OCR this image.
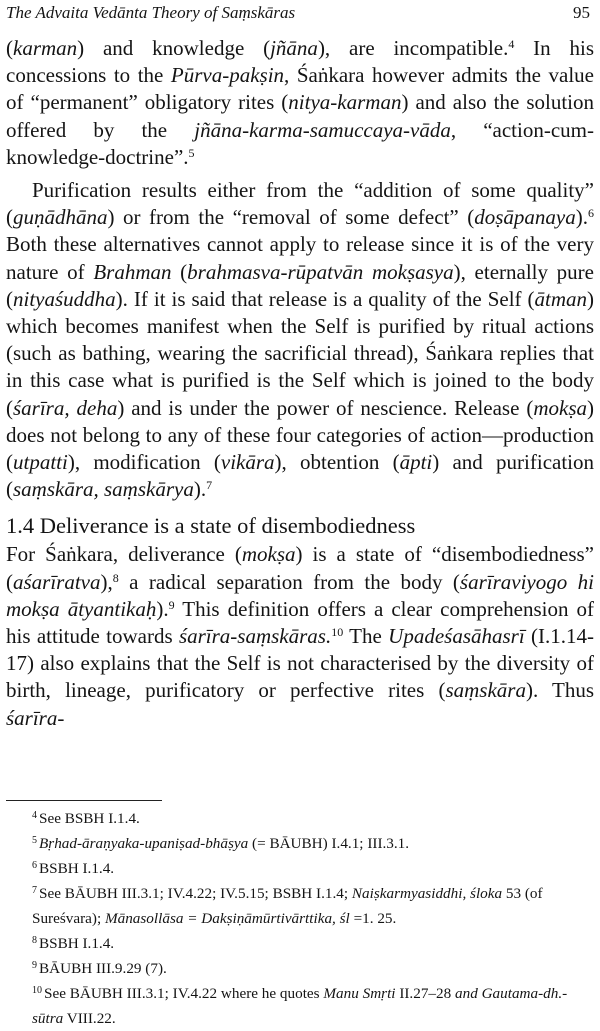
The Advaita Vedānta Theory of Saṃskāras	95

(karman) and knowledge (jñāna), are incompatible.$^4$ In his concessions to the Pūrva-pakṣin, Śaṅkara however admits the value of “permanent” obligatory rites (nitya-karman) and also the solution offered by the jñāna-karma-samuccaya-vāda, “action-cum-knowledge-doctrine”.$^5$

Purification results either from the “addition of some quality” (guṇādhāna) or from the “removal of some defect” (doṣāpanaya).$^6$ Both these alternatives cannot apply to release since it is of the very nature of Brahman (brahmasva-rūpatvān mokṣasya), eternally pure (nityaśuddha). If it is said that release is a quality of the Self (ātman) which becomes manifest when the Self is purified by ritual actions (such as bathing, wearing the sacrificial thread), Śaṅkara replies that in this case what is purified is the Self which is joined to the body (śarīra, deha) and is under the power of nescience. Release (mokṣa) does not belong to any of these four categories of action—production (utpatti), modification (vikāra), obtention (āpti) and purification (saṃskāra, saṃskārya).$^7$

1.4 Deliverance is a state of disembodiedness

For Śaṅkara, deliverance (mokṣa) is a state of “disembodiedness” (aśarīratva),$^8$ a radical separation from the body (śarīraviyogo hi mokṣa ātyantikaḥ).$^9$ This definition offers a clear comprehension of his attitude towards śarīra-saṃskāras.$^{10}$ The Upadeśasāhasrī (I.1.14-17) also explains that the Self is not characterised by the diversity of birth, lineage, purificatory or perfective rites (saṃskāra). Thus śarīra-

$^4$ See BSBH I.1.4.
$^5$ Bṛhad-āraṇyaka-upaniṣad-bhāṣya (= BĀUBH) I.4.1; III.3.1.
$^6$ BSBH I.1.4.
$^7$ See BĀUBH III.3.1; IV.4.22; IV.5.15; BSBH I.1.4; Naiṣkarmyasiddhi, śloka 53 (of Sureśvara); Mānasollāsa = Dakṣiṇāmūrtivārttika, śl =1. 25.
$^8$ BSBH I.1.4.
$^9$ BĀUBH III.9.29 (7).
$^{10}$ See BĀUBH III.3.1; IV.4.22 where he quotes Manu Smṛti II.27–28 and Gautama-dh.-sūtra VIII.22.
